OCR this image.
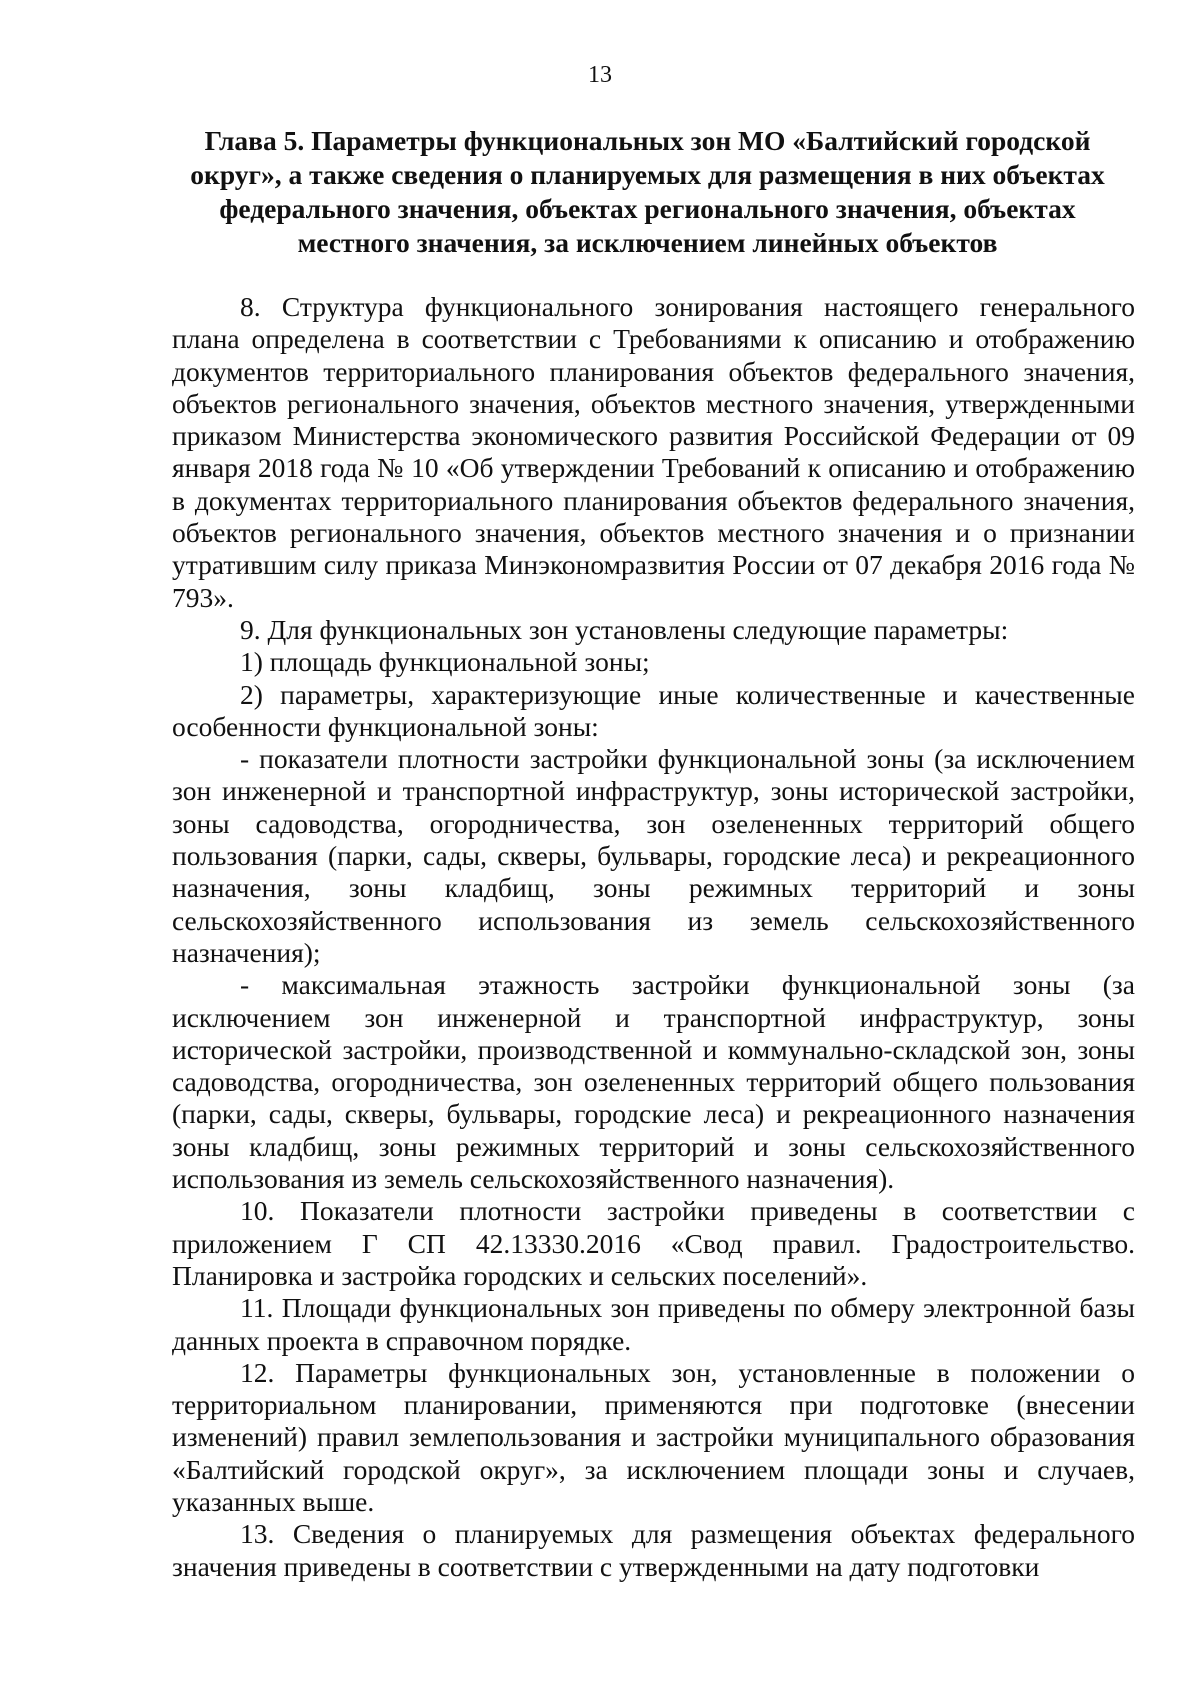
13
Глава 5. Параметры функциональных зон МО «Балтийский городской
округ», а также сведения о планируемых для размещения в них объектах
федерального значения, объектах регионального значения, объектах
местного значения, за исключением линейных объектов

8. Структура функционального зонирования настоящего генерального плана определена в соответствии с Требованиями к описанию и отображению документов территориального планирования объектов федерального значения, объектов регионального значения, объектов местного значения, утвержденными приказом Министерства экономического развития Российской Федерации от 09 января 2018 года № 10 «Об утверждении Требований к описанию и отображению в документах территориального планирования объектов федерального значения, объектов регионального значения, объектов местного значения и о признании утратившим силу приказа Минэкономразвития России от 07 декабря 2016 года № 793».

9. Для функциональных зон установлены следующие параметры:

1) площадь функциональной зоны;

2) параметры, характеризующие иные количественные и качественные особенности функциональной зоны:

- показатели плотности застройки функциональной зоны (за исключением зон инженерной и транспортной инфраструктур, зоны исторической застройки, зоны садоводства, огородничества, зон озелененных территорий общего пользования (парки, сады, скверы, бульвары, городские леса) и рекреационного назначения, зоны кладбищ, зоны режимных территорий и зоны сельскохозяйственного использования из земель сельскохозяйственного назначения);

- максимальная этажность застройки функциональной зоны (за исключением зон инженерной и транспортной инфраструктур, зоны исторической застройки, производственной и коммунально-складской зон, зоны садоводства, огородничества, зон озелененных территорий общего пользования (парки, сады, скверы, бульвары, городские леса) и рекреационного назначения зоны кладбищ, зоны режимных территорий и зоны сельскохозяйственного использования из земель сельскохозяйственного назначения).

10. Показатели плотности застройки приведены в соответствии с приложением Г СП 42.13330.2016 «Свод правил. Градостроительство. Планировка и застройка городских и сельских поселений».

11. Площади функциональных зон приведены по обмеру электронной базы данных проекта в справочном порядке.

12. Параметры функциональных зон, установленные в положении о территориальном планировании, применяются при подготовке (внесении изменений) правил землепользования и застройки муниципального образования «Балтийский городской округ», за исключением площади зоны и случаев, указанных выше.

13. Сведения о планируемых для размещения объектах федерального значения приведены в соответствии с утвержденными на дату подготовки
